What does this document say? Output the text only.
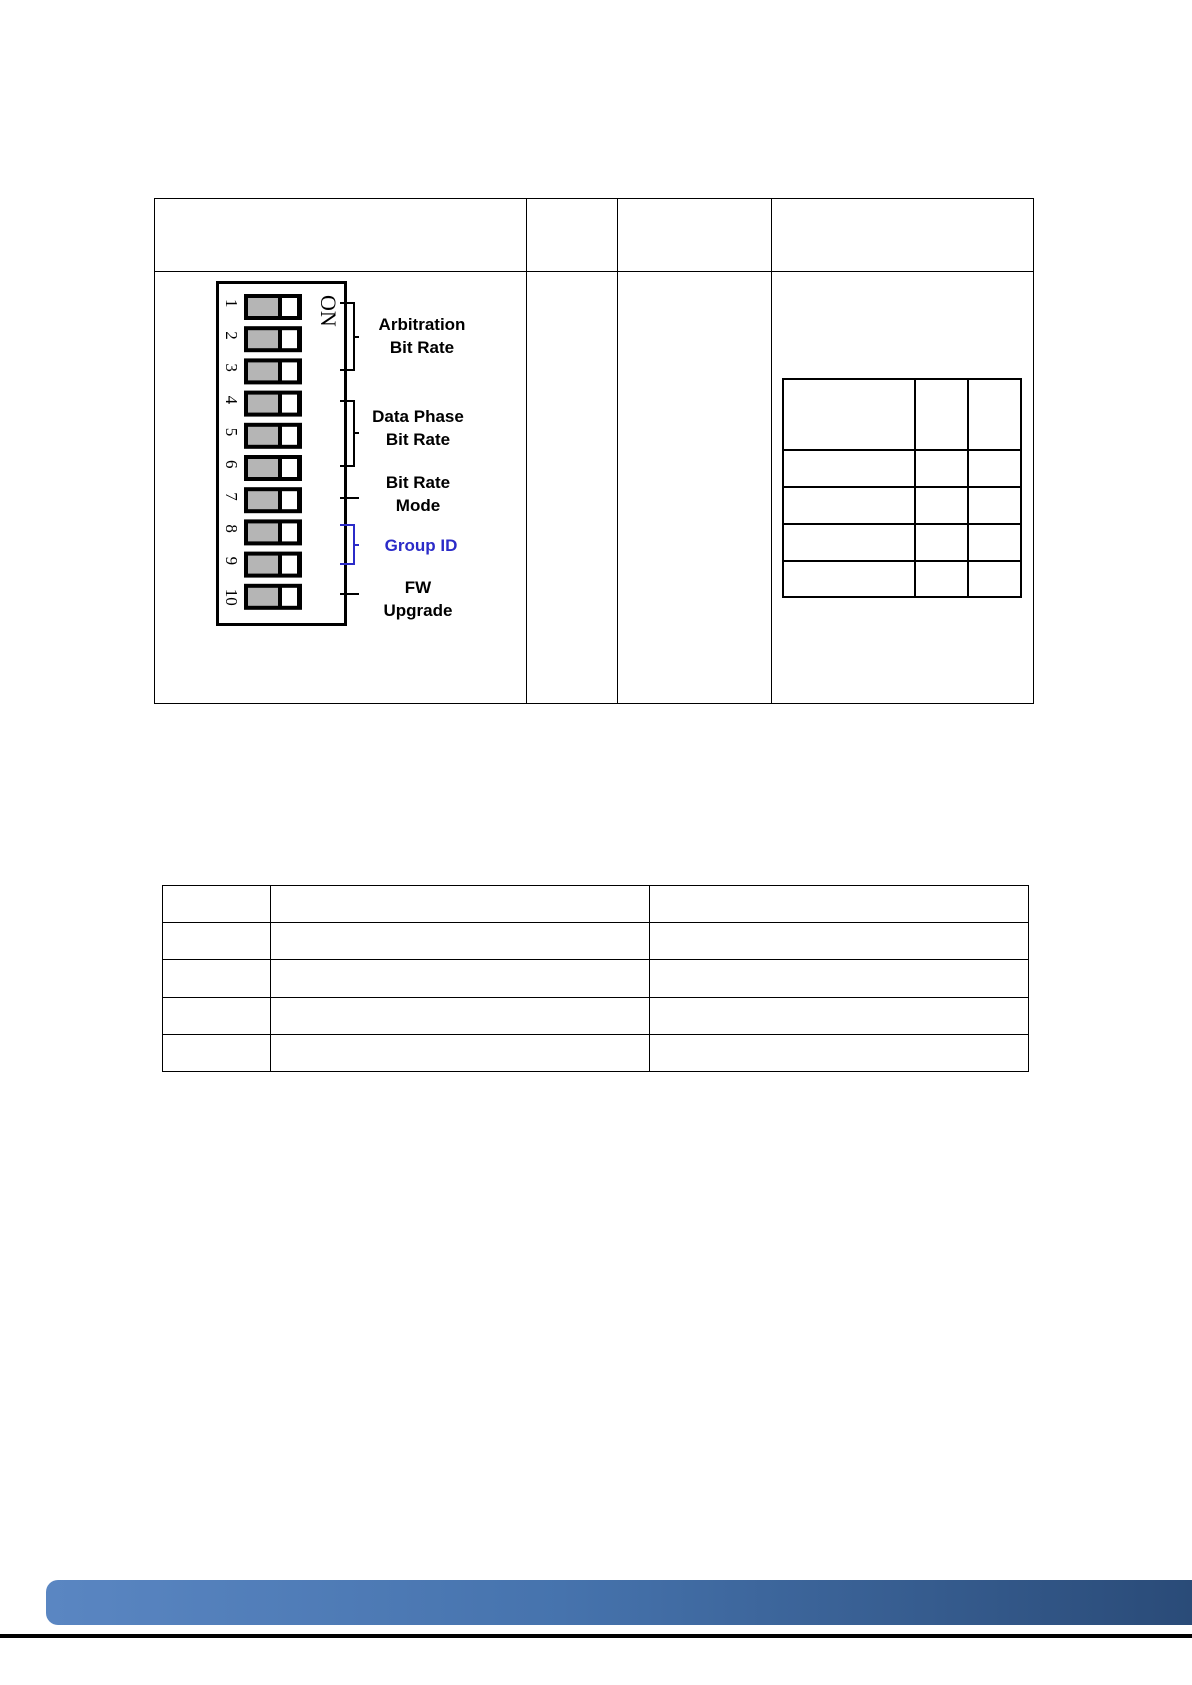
ON
1
2
3
4
5
6
7
8
9
10
Arbitration
Bit Rate
Data Phase
Bit Rate
Bit Rate
Mode
Group ID
FW
Upgrade
